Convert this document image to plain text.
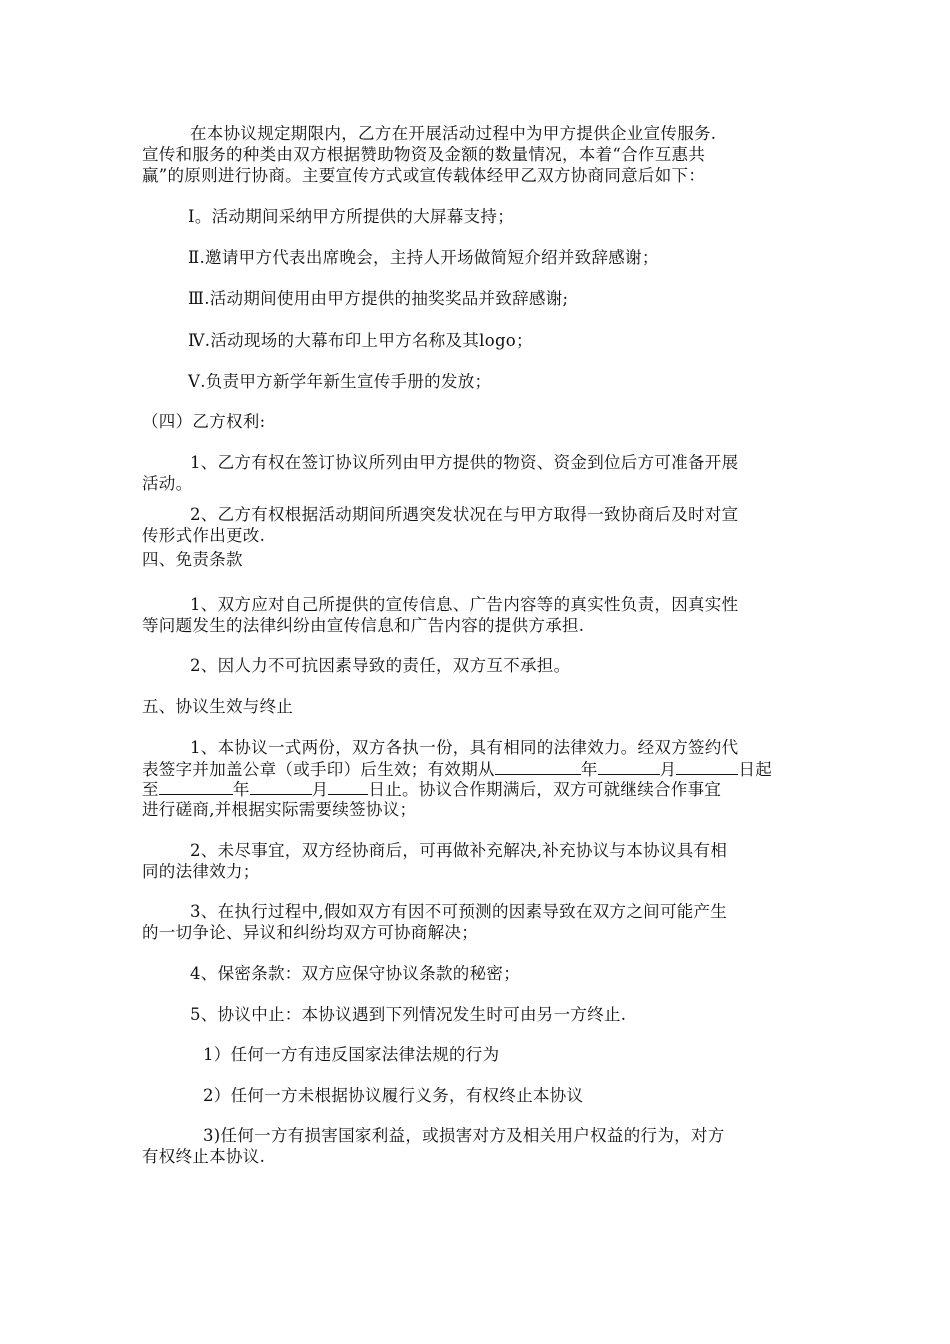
在本协议规定期限内，乙方在开展活动过程中为甲方提供企业宣传服务.
宣传和服务的种类由双方根据赞助物资及金额的数量情况，本着“合作互惠共
赢”的原则进行协商。主要宣传方式或宣传载体经甲乙双方协商同意后如下：
Ⅰ。活动期间采纳甲方所提供的大屏幕支持；
Ⅱ.邀请甲方代表出席晚会，主持人开场做简短介绍并致辞感谢；
Ⅲ.活动期间使用由甲方提供的抽奖奖品并致辞感谢;
Ⅳ.活动现场的大幕布印上甲方名称及其logo；
Ⅴ.负责甲方新学年新生宣传手册的发放；
（四）乙方权利:
1、乙方有权在签订协议所列由甲方提供的物资、资金到位后方可准备开展
活动。
2、乙方有权根据活动期间所遇突发状况在与甲方取得一致协商后及时对宣
传形式作出更改.
四、免责条款
1、双方应对自己所提供的宣传信息、广告内容等的真实性负责，因真实性
等问题发生的法律纠纷由宣传信息和广告内容的提供方承担.
2、因人力不可抗因素导致的责任，双方互不承担。
五、协议生效与终止
1、本协议一式两份，双方各执一份，具有相同的法律效力。经双方签约代
表签字并加盖公章（或手印）后生效；有效期从	年	月	日起
至	年	月 日止。协议合作期满后，双方可就继续合作事宜
进行磋商,并根据实际需要续签协议；
2、未尽事宜，双方经协商后，可再做补充解决,补充协议与本协议具有相
同的法律效力；
3、在执行过程中,假如双方有因不可预测的因素导致在双方之间可能产生
的一切争论、异议和纠纷均双方可协商解决；
4、保密条款：双方应保守协议条款的秘密；
5、协议中止：本协议遇到下列情况发生时可由另一方终止.
1）任何一方有违反国家法律法规的行为
2）任何一方未根据协议履行义务，有权终止本协议
3)任何一方有损害国家利益，或损害对方及相关用户权益的行为，对方
有权终止本协议.
